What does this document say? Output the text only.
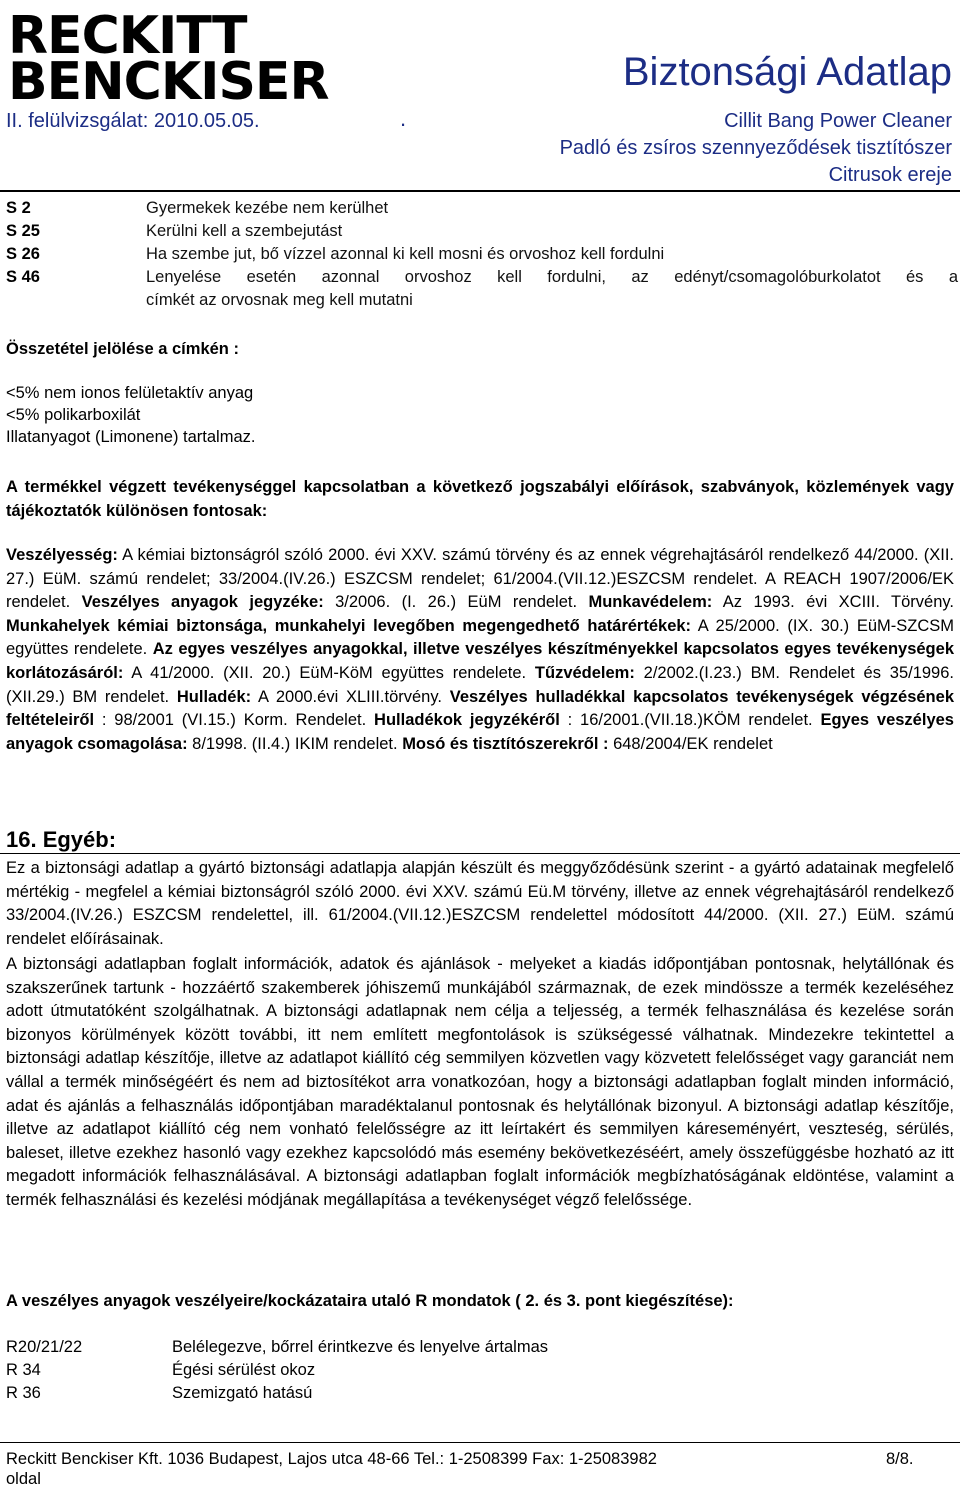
RECKITT
BENCKISER	Biztonsági Adatlap
II. felülvizsgálat: 2010.05.05.	.	Cillit Bang Power Cleaner
Padló és zsíros szennyeződések tisztítószer
Citrusok ereje
S 2	Gyermekek kezébe nem kerülhet
S 25	Kerülni kell a szembejutást
S 26	Ha szembe jut, bő vízzel azonnal ki kell mosni és orvoshoz kell fordulni
S 46	Lenyelése esetén azonnal orvoshoz kell fordulni, az edényt/csomagolóburkolatot és a
címkét az orvosnak meg kell mutatni
Összetétel jelölése a címkén :
<5% nem ionos felületaktív anyag
<5% polikarboxilát
Illatanyagot (Limonene) tartalmaz.
A termékkel végzett tevékenységgel kapcsolatban a következő jogszabályi előírások, szabványok, közlemények vagy tájékoztatók különösen fontosak:
Veszélyesség: A kémiai biztonságról szóló 2000. évi XXV. számú törvény és az ennek végrehajtásáról rendelkező 44/2000. (XII. 27.) EüM. számú rendelet; 33/2004.(IV.26.) ESZCSM rendelet; 61/2004.(VII.12.)ESZCSM rendelet. A REACH 1907/2006/EK rendelet. Veszélyes anyagok jegyzéke: 3/2006. (I. 26.) EüM rendelet. Munkavédelem: Az 1993. évi XCIII. Törvény. Munkahelyek kémiai biztonsága, munkahelyi levegőben megengedhető határértékek: A 25/2000. (IX. 30.) EüM-SZCSM együttes rendelete. Az egyes veszélyes anyagokkal, illetve veszélyes készítményekkel kapcsolatos egyes tevékenységek korlátozásáról: A 41/2000. (XII. 20.) EüM-KöM együttes rendelete. Tűzvédelem: 2/2002.(I.23.) BM. Rendelet és 35/1996.(XII.29.) BM rendelet. Hulladék: A 2000.évi XLIII.törvény. Veszélyes hulladékkal kapcsolatos tevékenységek végzésének feltételeiről : 98/2001 (VI.15.) Korm. Rendelet. Hulladékok jegyzékéről : 16/2001.(VII.18.)KÖM rendelet. Egyes veszélyes anyagok csomagolása: 8/1998. (II.4.) IKIM rendelet. Mosó és tisztítószerekről : 648/2004/EK rendelet
16. Egyéb:
Ez a biztonsági adatlap a gyártó biztonsági adatlapja alapján készült és meggyőződésünk szerint - a gyártó adatainak megfelelő mértékig - megfelel a kémiai biztonságról szóló 2000. évi XXV. számú Eü.M törvény, illetve az ennek végrehajtásáról rendelkező 33/2004.(IV.26.) ESZCSM rendelettel, ill. 61/2004.(VII.12.)ESZCSM rendelettel módosított 44/2000. (XII. 27.) EüM. számú rendelet előírásainak.
A biztonsági adatlapban foglalt információk, adatok és ajánlások - melyeket a kiadás időpontjában pontosnak, helytállónak és szakszerűnek tartunk - hozzáértő szakemberek jóhiszemű munkájából származnak, de ezek mindössze a termék kezeléséhez adott útmutatóként szolgálhatnak. A biztonsági adatlapnak nem célja a teljesség, a termék felhasználása és kezelése során bizonyos körülmények között további, itt nem említett megfontolások is szükségessé válhatnak. Mindezekre tekintettel a biztonsági adatlap készítője, illetve az adatlapot kiállító cég semmilyen közvetlen vagy közvetett felelősséget vagy garanciát nem vállal a termék minőségéért és nem ad biztosítékot arra vonatkozóan, hogy a biztonsági adatlapban foglalt minden információ, adat és ajánlás a felhasználás időpontjában maradéktalanul pontosnak és helytállónak bizonyul. A biztonsági adatlap készítője, illetve az adatlapot kiállító cég nem vonható felelősségre az itt leírtakért és semmilyen káreseményért, veszteség, sérülés, baleset, illetve ezekhez hasonló vagy ezekhez kapcsolódó más esemény bekövetkezéséért, amely összefüggésbe hozható az itt megadott információk felhasználásával. A biztonsági adatlapban foglalt információk megbízhatóságának eldöntése, valamint a termék felhasználási és kezelési módjának megállapítása a tevékenységet végző felelőssége.
A veszélyes anyagok veszélyeire/kockázataira utaló R mondatok ( 2. és 3. pont kiegészítése):
R20/21/22	Belélegezve, bőrrel érintkezve és lenyelve ártalmas
R 34	Égési sérülést okoz
R 36	Szemizgató hatású
Reckitt Benckiser Kft. 1036 Budapest, Lajos utca 48-66 Tel.: 1-2508399 Fax: 1-25083982	8/8.
oldal
